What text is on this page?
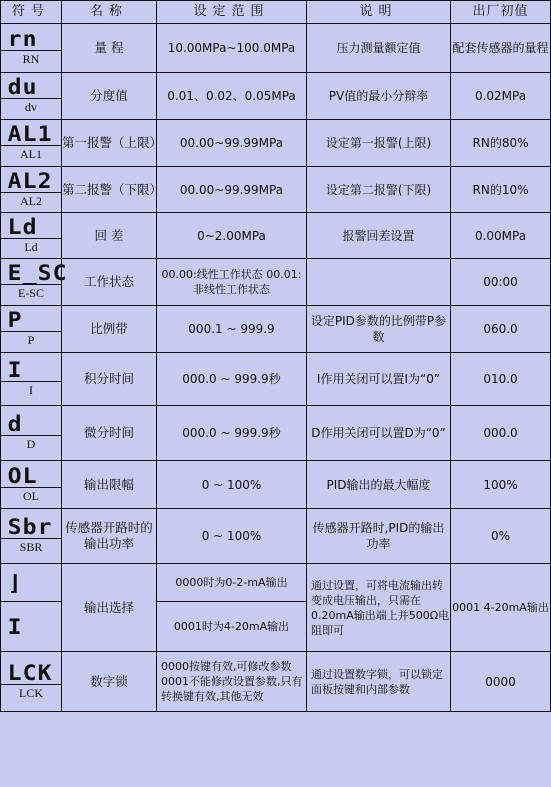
符号	名称	设定范围	说明	出厂初值

rn
RN	量 程	10.00MPa~100.0MPa	压力测量额定值	配套传感器的量程

du
dv	分度值	0.01、0.02、0.05MPa	PV值的最小分辩率	0.02MPa

AL1
AL1	第一报警（上限）	00.00~99.99MPa	设定第一报警(上限)	RN的80%

AL2
AL2	第二报警（下限）	00.00~99.99MPa	设定第二报警(下限)	RN的10%

Ld
Ld	回 差	0~2.00MPa	报警回差设置	0.00MPa

E_SC
E-SC	工作状态	00.00:线性工作状态 00.01:非线性工作状态		00:00

P
P	比例带	000.1 ~ 999.9	设定PID参数的比例带P参数	060.0

I
I	积分时间	000.0 ~ 999.9秒	I作用关闭可以置I为“0”	010.0

d
D	微分时间	000.0 ~ 999.9秒	D作用关闭可以置D为“0”	000.0

OL
OL	输出限幅	0 ~ 100%	PID输出的最大幅度	100%

Sbr
SBR	传感器开路时的输出功率	0 ~ 100%	传感器开路时,PID的输出功率	0%

⌋	输出选择	0000时为0-2-mA输出	通过设置，可将电流输出转变成电压输出，只需在0.20mA输出端上并500Ω电阻即可	0001 4-20mA输出

I		0001时为4-20mA输出		

LCK
LCK	数字锁	0000按键有效,可修改参数0001不能修改设置参数,只有转换键有效,其他无效	通过设置数字锁，可以锁定面板按键和内部参数	0000
